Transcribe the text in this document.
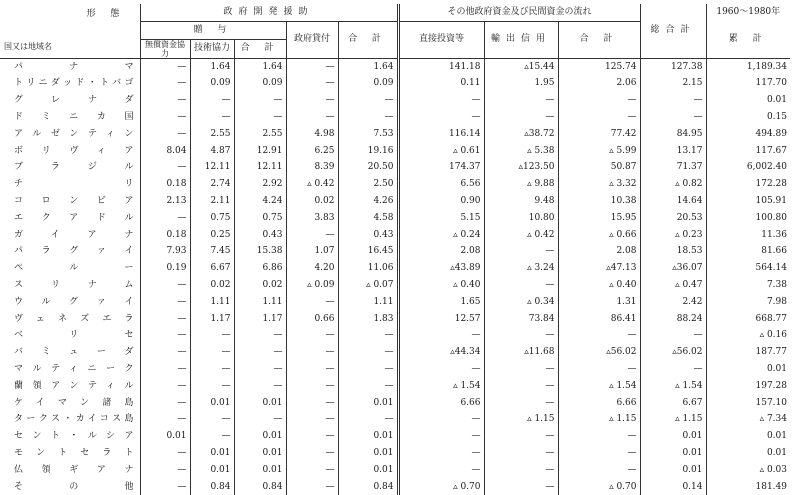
形 態
国又は地域名	政府開発援助					その他政府資金及び民間資金の流れ			総合計	1960〜1980年
	贈 与			政府貸付	合 計	直接投資等	輸出信用	合 計		累 計
	無償資金協力	技術協力	合 計							
パナマ	—	1.64	1.64	—	1.64	141.18	▵15.44	125.74	127.38	1,189.34
トリニダッド・トバゴ	—	0.09	0.09	—	0.09	0.11	1.95	2.06	2.15	117.70
グレナダ	—	—	—	—	—	—	—	—	—	0.01
ドミニカ国	—	—	—	—	—	—	—	—	—	0.15
アルゼンティン	—	2.55	2.55	4.98	7.53	116.14	▵38.72	77.42	84.95	494.89
ボリヴィア	8.04	4.87	12.91	6.25	19.16	▵ 0.61	▵ 5.38	▵ 5.99	13.17	117.67
ブラジル	—	12.11	12.11	8.39	20.50	174.37	▵123.50	50.87	71.37	6,002.40
チリ	0.18	2.74	2.92	▵ 0.42	2.50	6.56	▵ 9.88	▵ 3.32	▵ 0.82	172.28
コロンビア	2.13	2.11	4.24	0.02	4.26	0.90	9.48	10.38	14.64	105.91
エクアドル	—	0.75	0.75	3.83	4.58	5.15	10.80	15.95	20.53	100.80
ガイアナ	0.18	0.25	0.43	—	0.43	▵ 0.24	▵ 0.42	▵ 0.66	▵ 0.23	11.36
パラグァイ	7.93	7.45	15.38	1.07	16.45	2.08	—	2.08	18.53	81.66
ペルー	0.19	6.67	6.86	4.20	11.06	▵43.89	▵ 3.24	▵47.13	▵36.07	564.14
スリナム	—	0.02	0.02	▵ 0.09	▵ 0.07	▵ 0.40	—	▵ 0.40	▵ 0.47	7.38
ウルグァイ	—	1.11	1.11	—	1.11	1.65	▵ 0.34	1.31	2.42	7.98
ヴェネズエラ	—	1.17	1.17	0.66	1.83	12.57	73.84	86.41	88.24	668.77
ベリセ	—	—	—	—	—	—	—	—	—	▵ 0.16
バミューダ	—	—	—	—	—	▵44.34	▵11.68	▵56.02	▵56.02	187.77
マルティニーク	—	—	—	—	—	—	—	—	—	0.01
蘭領アンティル	—	—	—	—	—	▵ 1.54	—	▵ 1.54	▵ 1.54	197.28
ケイマン諸島	—	0.01	0.01	—	0.01	6.66	—	6.66	6.67	157.10
タークス・カイコス島	—	—	—	—	—	—	▵ 1.15	▵ 1.15	▵ 1.15	▵ 7.34
セント・ルシア	0.01	—	0.01	—	0.01	—	—	—	0.01	0.01
モントセラト	—	0.01	0.01	—	0.01	—	—	—	0.01	0.01
仏領ギアナ	—	0.01	0.01	—	0.01	—	—	—	0.01	▵ 0.03
その他	—	0.84	0.84	—	0.84	▵ 0.70	—	▵ 0.70	0.14	181.49
